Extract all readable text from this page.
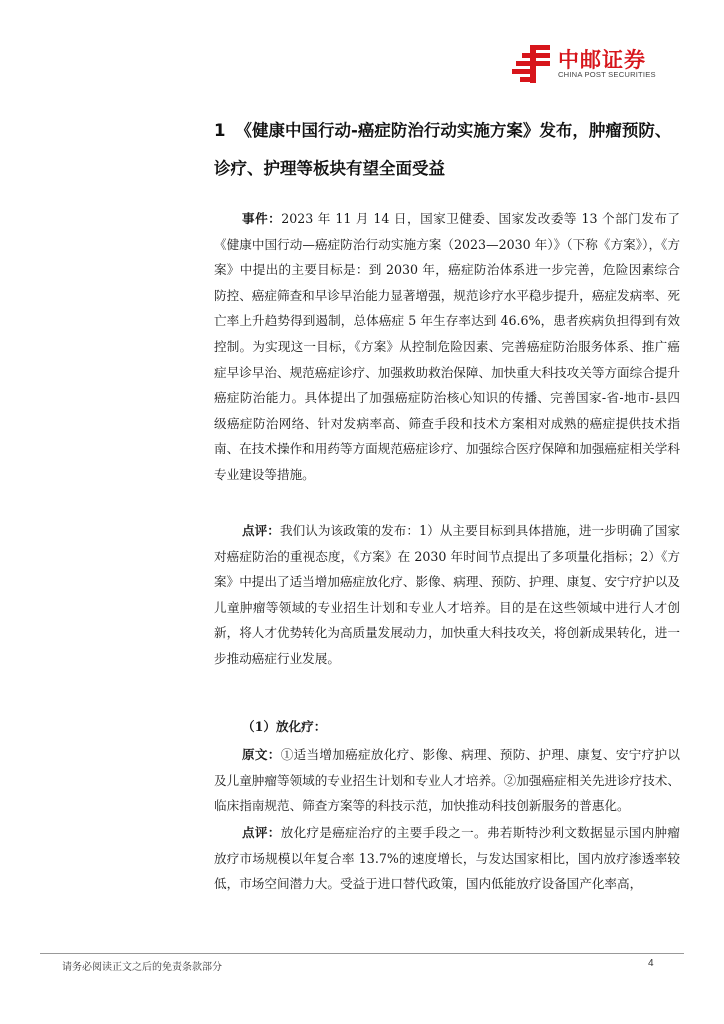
中邮证券
CHINA POST SECURITIES
1 《健康中国行动-癌症防治行动实施方案》发布，肿瘤预防、诊疗、护理等板块有望全面受益
事件：2023 年 11 月 14 日，国家卫健委、国家发改委等 13 个部门发布了《健康中国行动—癌症防治行动实施方案（2023—2030 年）》（下称《方案》），《方案》中提出的主要目标是：到 2030 年，癌症防治体系进一步完善，危险因素综合防控、癌症筛查和早诊早治能力显著增强，规范诊疗水平稳步提升，癌症发病率、死亡率上升趋势得到遏制，总体癌症 5 年生存率达到 46.6%，患者疾病负担得到有效控制。为实现这一目标，《方案》从控制危险因素、完善癌症防治服务体系、推广癌症早诊早治、规范癌症诊疗、加强救助救治保障、加快重大科技攻关等方面综合提升癌症防治能力。具体提出了加强癌症防治核心知识的传播、完善国家-省-地市-县四级癌症防治网络、针对发病率高、筛查手段和技术方案相对成熟的癌症提供技术指南、在技术操作和用药等方面规范癌症诊疗、加强综合医疗保障和加强癌症相关学科专业建设等措施。
点评：我们认为该政策的发布：1）从主要目标到具体措施，进一步明确了国家对癌症防治的重视态度，《方案》在 2030 年时间节点提出了多项量化指标；2）《方案》中提出了适当增加癌症放化疗、影像、病理、预防、护理、康复、安宁疗护以及儿童肿瘤等领域的专业招生计划和专业人才培养。目的是在这些领域中进行人才创新，将人才优势转化为高质量发展动力，加快重大科技攻关，将创新成果转化，进一步推动癌症行业发展。
（1）放化疗：
原文：①适当增加癌症放化疗、影像、病理、预防、护理、康复、安宁疗护以及儿童肿瘤等领域的专业招生计划和专业人才培养。②加强癌症相关先进诊疗技术、临床指南规范、筛查方案等的科技示范，加快推动科技创新服务的普惠化。
点评：放化疗是癌症治疗的主要手段之一。弗若斯特沙利文数据显示国内肿瘤放疗市场规模以年复合率 13.7%的速度增长，与发达国家相比，国内放疗渗透率较低，市场空间潜力大。受益于进口替代政策，国内低能放疗设备国产化率高，
请务必阅读正文之后的免责条款部分	4
